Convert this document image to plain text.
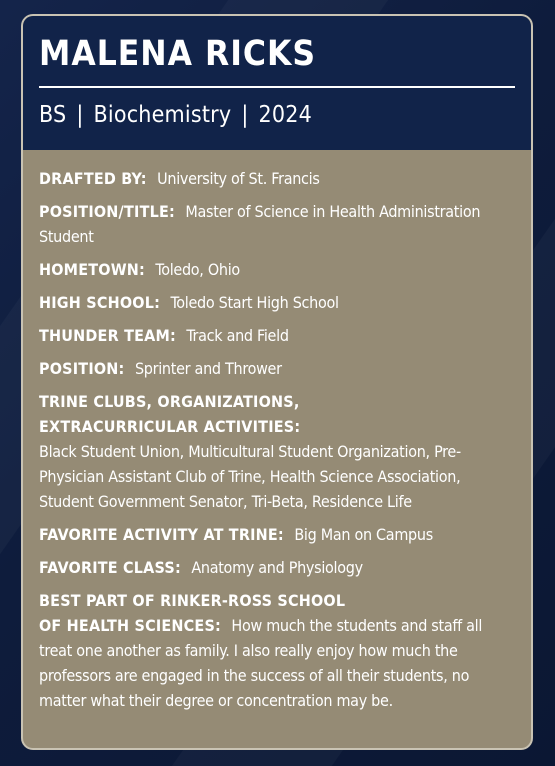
MALENA RICKS
BS | Biochemistry | 2024
DRAFTED BY: University of St. Francis
POSITION/TITLE: Master of Science in Health Administration Student
HOMETOWN: Toledo, Ohio
HIGH SCHOOL: Toledo Start High School
THUNDER TEAM: Track and Field
POSITION: Sprinter and Thrower
TRINE CLUBS, ORGANIZATIONS,
EXTRACURRICULAR ACTIVITIES:
Black Student Union, Multicultural Student Organization, Pre-Physician Assistant Club of Trine, Health Science Association, Student Government Senator, Tri-Beta, Residence Life
FAVORITE ACTIVITY AT TRINE: Big Man on Campus
FAVORITE CLASS: Anatomy and Physiology
BEST PART OF RINKER-ROSS SCHOOL
OF HEALTH SCIENCES: How much the students and staff all treat one another as family. I also really enjoy how much the professors are engaged in the success of all their students, no matter what their degree or concentration may be.
